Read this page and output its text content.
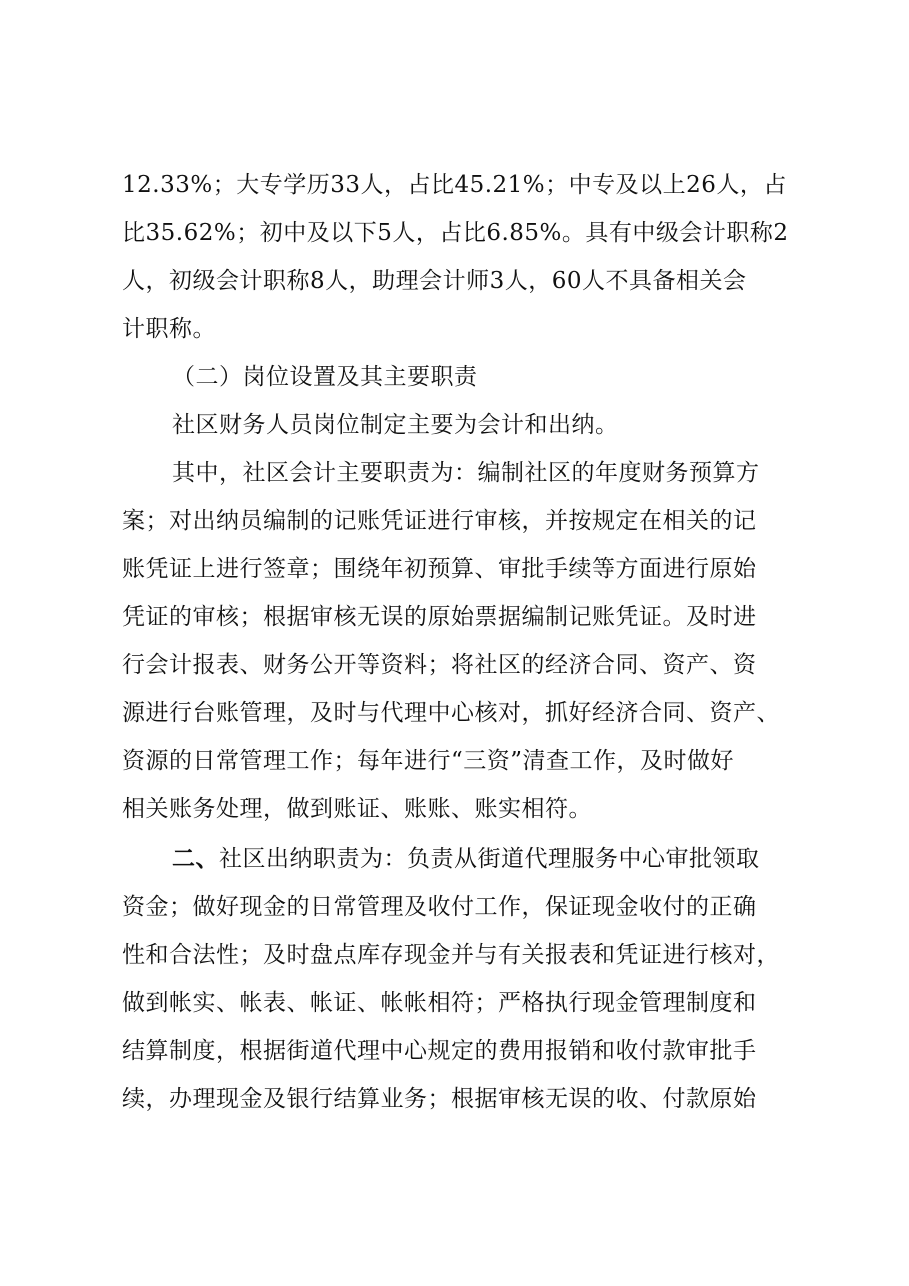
12.33%；大专学历33人，占比45.21%；中专及以上26人，占
比35.62%；初中及以下5人，占比6.85%。具有中级会计职称2
人，初级会计职称8人，助理会计师3人，60人不具备相关会
计职称。
（二）岗位设置及其主要职责
社区财务人员岗位制定主要为会计和出纳。
其中，社区会计主要职责为：编制社区的年度财务预算方
案；对出纳员编制的记账凭证进行审核，并按规定在相关的记
账凭证上进行签章；围绕年初预算、审批手续等方面进行原始
凭证的审核；根据审核无误的原始票据编制记账凭证。及时进
行会计报表、财务公开等资料；将社区的经济合同、资产、资
源进行台账管理，及时与代理中心核对，抓好经济合同、资产、
资源的日常管理工作；每年进行“三资”清查工作，及时做好
相关账务处理，做到账证、账账、账实相符。
二、社区出纳职责为：负责从街道代理服务中心审批领取
资金；做好现金的日常管理及收付工作，保证现金收付的正确
性和合法性；及时盘点库存现金并与有关报表和凭证进行核对，
做到帐实、帐表、帐证、帐帐相符；严格执行现金管理制度和
结算制度，根据街道代理中心规定的费用报销和收付款审批手
续，办理现金及银行结算业务；根据审核无误的收、付款原始
